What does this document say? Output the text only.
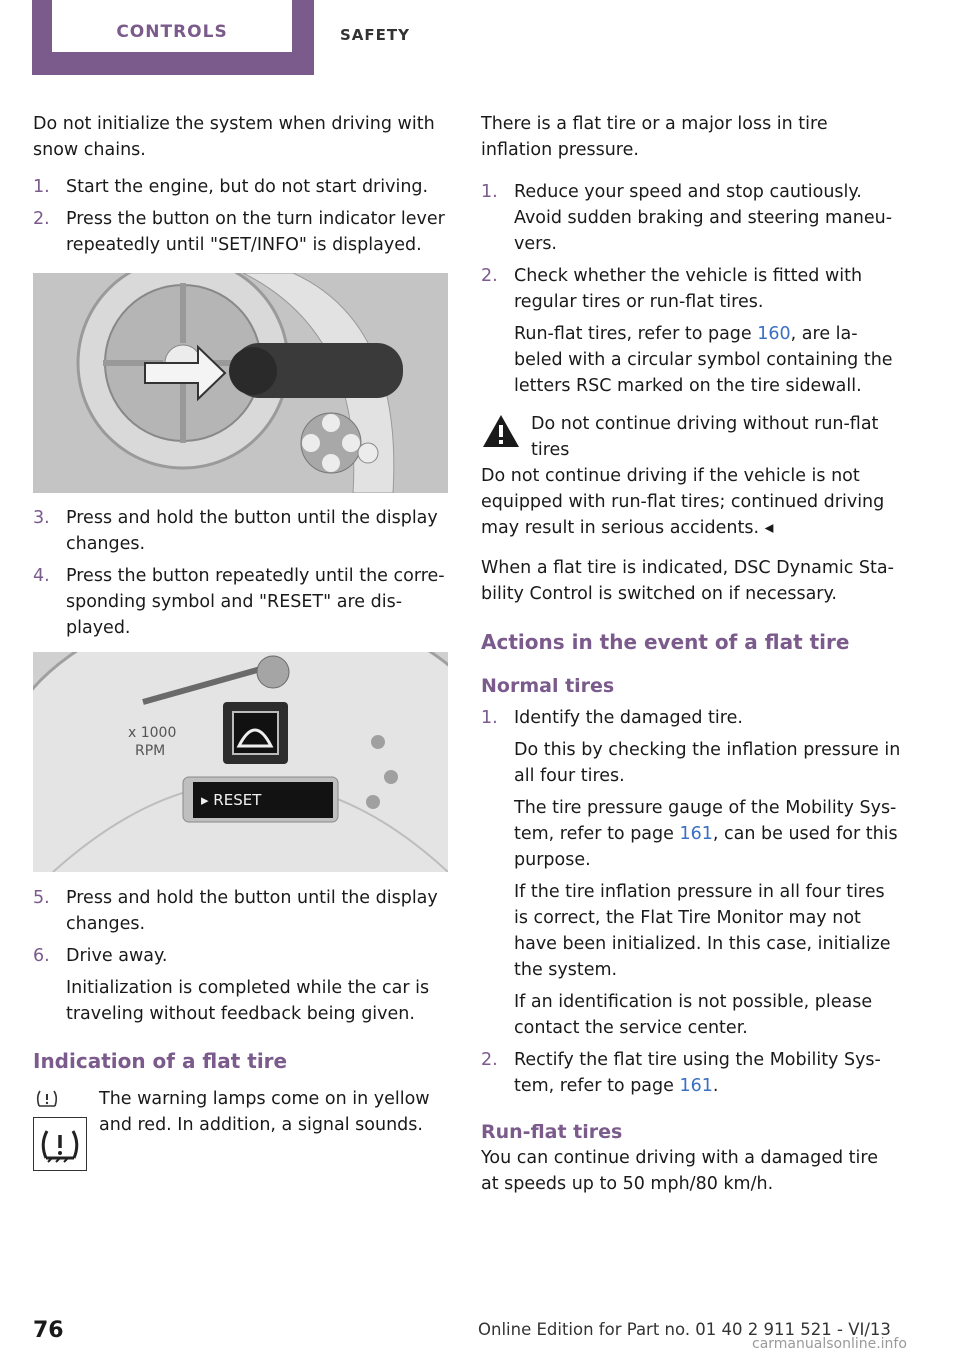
CONTROLS	SAFETY

Do not initialize the system when driving with snow chains.

1. Start the engine, but do not start driving.
2. Press the button on the turn indicator lever repeatedly until "SET/INFO" is displayed.
3. Press and hold the button until the display changes.
4. Press the button repeatedly until the corre‐sponding symbol and "RESET" are dis‐played.
▸ RESET
x 1000
RPM
5. Press and hold the button until the display changes.
6. Drive away.

Initialization is completed while the car is traveling without feedback being given.

Indication of a flat tire

The warning lamps come on in yellow and red. In addition, a signal sounds.

There is a flat tire or a major loss in tire inflation pressure.

1. Reduce your speed and stop cautiously. Avoid sudden braking and steering maneu‐vers.
2. Check whether the vehicle is fitted with regular tires or run-flat tires.

Run-flat tires, refer to page 160, are la‐beled with a circular symbol containing the letters RSC marked on the tire sidewall.

Do not continue driving without run-flat tires

Do not continue driving if the vehicle is not equipped with run-flat tires; continued driving may result in serious accidents. ◂

When a flat tire is indicated, DSC Dynamic Sta‐bility Control is switched on if necessary.

Actions in the event of a flat tire
Normal tires
1. Identify the damaged tire.

Do this by checking the inflation pressure in all four tires.

The tire pressure gauge of the Mobility Sys‐tem, refer to page 161, can be used for this purpose.

If the tire inflation pressure in all four tires is correct, the Flat Tire Monitor may not have been initialized. In this case, initialize the system.

If an identification is not possible, please contact the service center.

2. Rectify the flat tire using the Mobility Sys‐tem, refer to page 161.
Run-flat tires

You can continue driving with a damaged tire at speeds up to 50 mph/80 km/h.

76	Online Edition for Part no. 01 40 2 911 521 - VI/13
carmanualsonline.info
